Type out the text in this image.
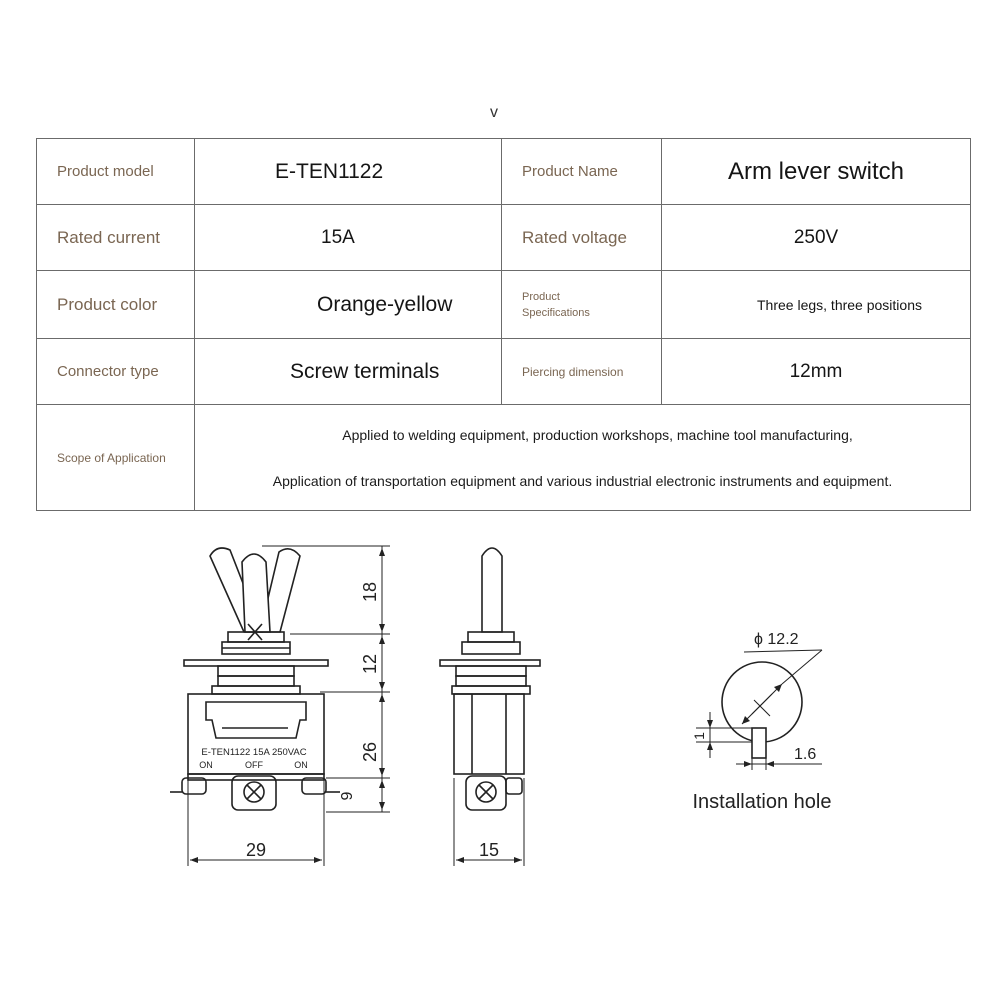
v
Product model	E-TEN1122	Product Name	Arm lever switch
Rated current	15A	Rated voltage	250V
Product color	Orange-yellow	Product Specifications	Three legs, three positions
Connector type	Screw terminals	Piercing dimension	12mm
Scope of Application	Applied to welding equipment, production workshops, machine tool manufacturing,
Application of transportation equipment and various industrial electronic instruments and equipment.		
E-TEN1122 15A 250VAC
ON	OFF	ON
18
12
26
9
29	15
ϕ 12.2
1
1.6
Installation hole
